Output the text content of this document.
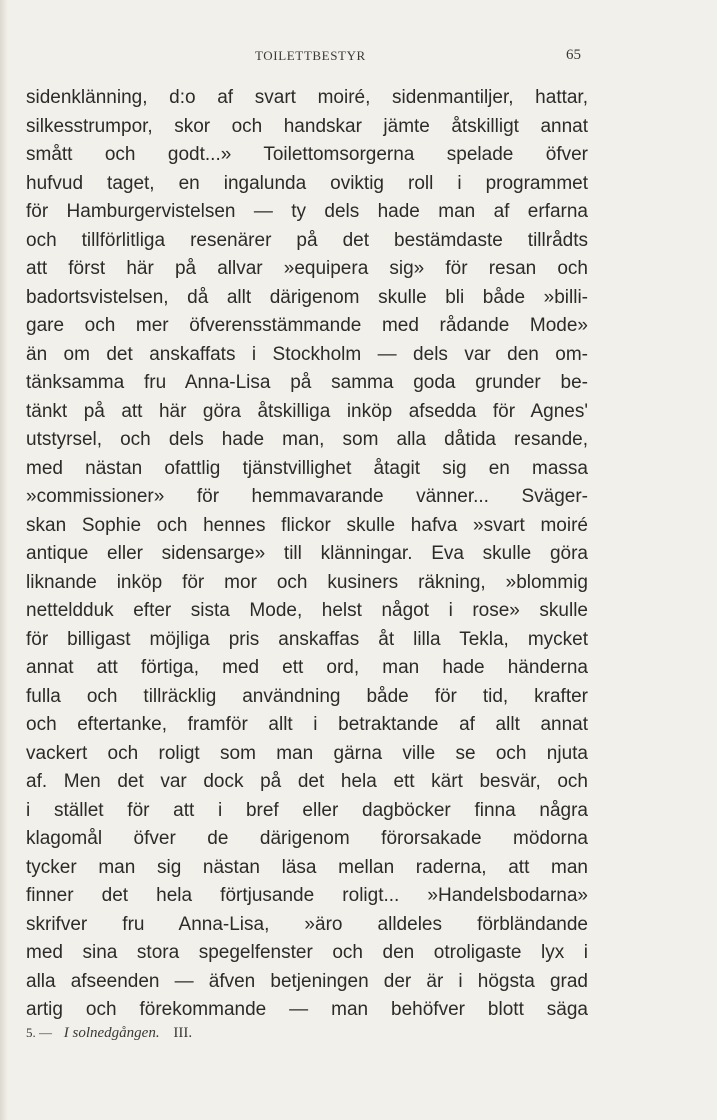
TOILETTBESTYR	65
sidenklänning, d:o af svart moiré, sidenmantiljer, hattar,
silkesstrumpor, skor och handskar jämte åtskilligt annat
smått och godt...» Toilettomsorgerna spelade öfver
hufvud taget, en ingalunda oviktig roll i programmet
för Hamburgervistelsen — ty dels hade man af erfarna
och tillförlitliga resenärer på det bestämdaste tillrådts
att först här på allvar »equipera sig» för resan och
badortsvistelsen, då allt därigenom skulle bli både »billi-
gare och mer öfverensstämmande med rådande Mode»
än om det anskaffats i Stockholm — dels var den om-
tänksamma fru Anna-Lisa på samma goda grunder be-
tänkt på att här göra åtskilliga inköp afsedda för Agnes'
utstyrsel, och dels hade man, som alla dåtida resande,
med nästan ofattlig tjänstvillighet åtagit sig en massa
»commissioner» för hemmavarande vänner... Sväger-
skan Sophie och hennes flickor skulle hafva »svart moiré
antique eller sidensarge» till klänningar. Eva skulle göra
liknande inköp för mor och kusiners räkning, »blommig
netteldduk efter sista Mode, helst något i rose» skulle
för billigast möjliga pris anskaffas åt lilla Tekla, mycket
annat att förtiga, med ett ord, man hade händerna
fulla och tillräcklig användning både för tid, krafter
och eftertanke, framför allt i betraktande af allt annat
vackert och roligt som man gärna ville se och njuta
af. Men det var dock på det hela ett kärt besvär, och
i stället för att i bref eller dagböcker finna några
klagomål öfver de därigenom förorsakade mödorna
tycker man sig nästan läsa mellan raderna, att man
finner det hela förtjusande roligt... »Handelsbodarna»
skrifver fru Anna-Lisa, »äro alldeles förbländande
med sina stora spegelfenster och den otroligaste lyx i
alla afseenden — äfven betjeningen der är i högsta grad
artig och förekommande — man behöfver blott säga
5. — I solnedgången. III.
